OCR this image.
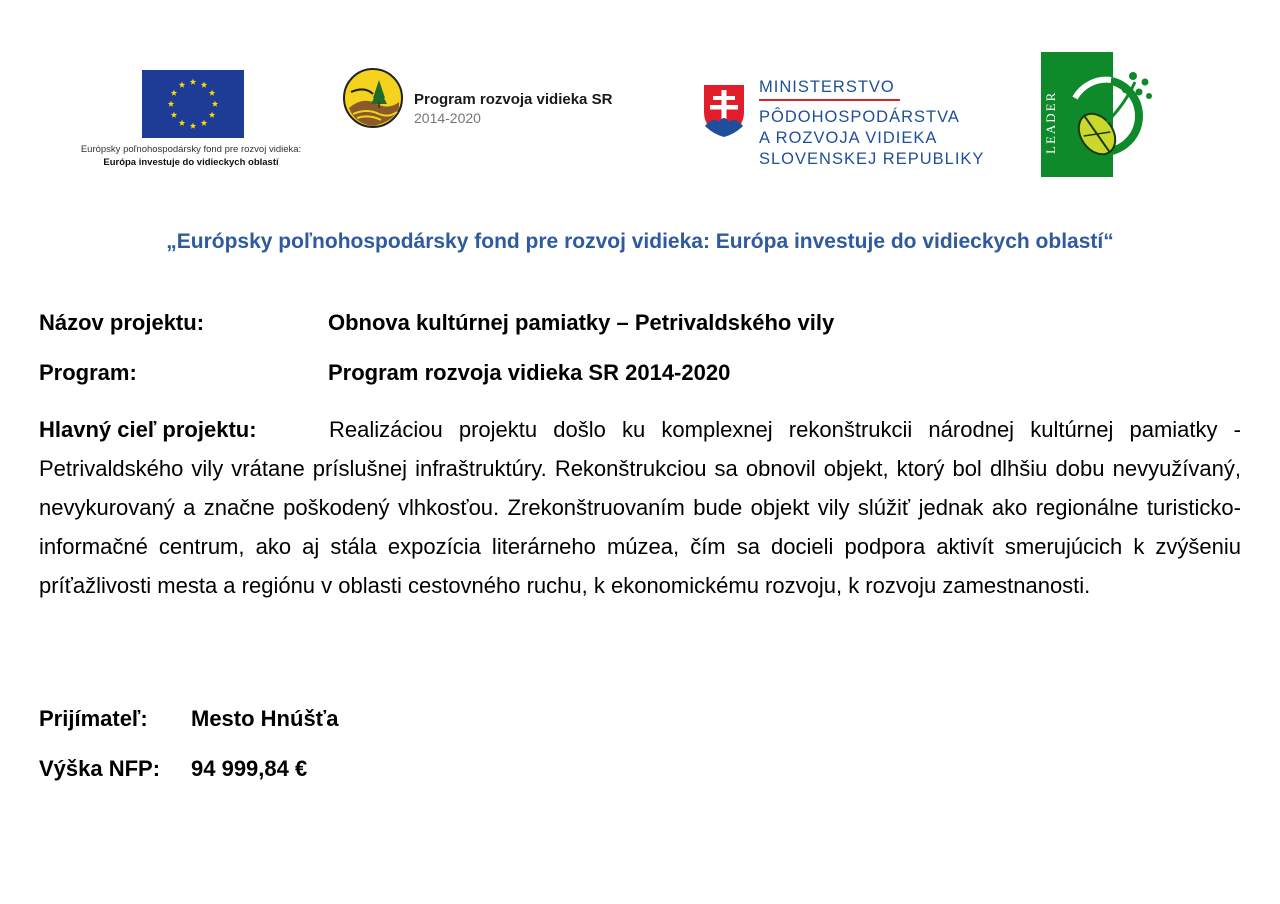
Európsky poľnohospodársky fond pre rozvoj vidieka:
Európa investuje do vidieckych oblastí
Program rozvoja vidieka SR
2014-2020
MINISTERSTVO
PÔDOHOSPODÁRSTVA
A ROZVOJA VIDIEKA
SLOVENSKEJ REPUBLIKY
LEADER
„Európsky poľnohospodársky fond pre rozvoj vidieka: Európa investuje do vidieckych oblastí“
Názov projektu:	Obnova kultúrnej pamiatky – Petrivaldského vily
Program:	Program rozvoja vidieka SR 2014-2020
Hlavný cieľ projektu:	Realizáciou projektu došlo ku komplexnej rekonštrukcii národnej kultúrnej pamiatky - Petrivaldského vily vrátane príslušnej infraštruktúry. Rekonštrukciou sa obnovil objekt, ktorý bol dlhšiu dobu nevyužívaný, nevykurovaný a značne poškodený vlhkosťou. Zrekonštruovaním bude objekt vily slúžiť jednak ako regionálne turisticko-informačné centrum, ako aj stála expozícia literárneho múzea, čím sa docieli podpora aktivít smerujúcich k zvýšeniu príťažlivosti mesta a regiónu v oblasti cestovného ruchu, k ekonomickému rozvoju, k rozvoju zamestnanosti.
Prijímateľ: Mesto Hnúšťa
Výška NFP: 94 999,84 €
